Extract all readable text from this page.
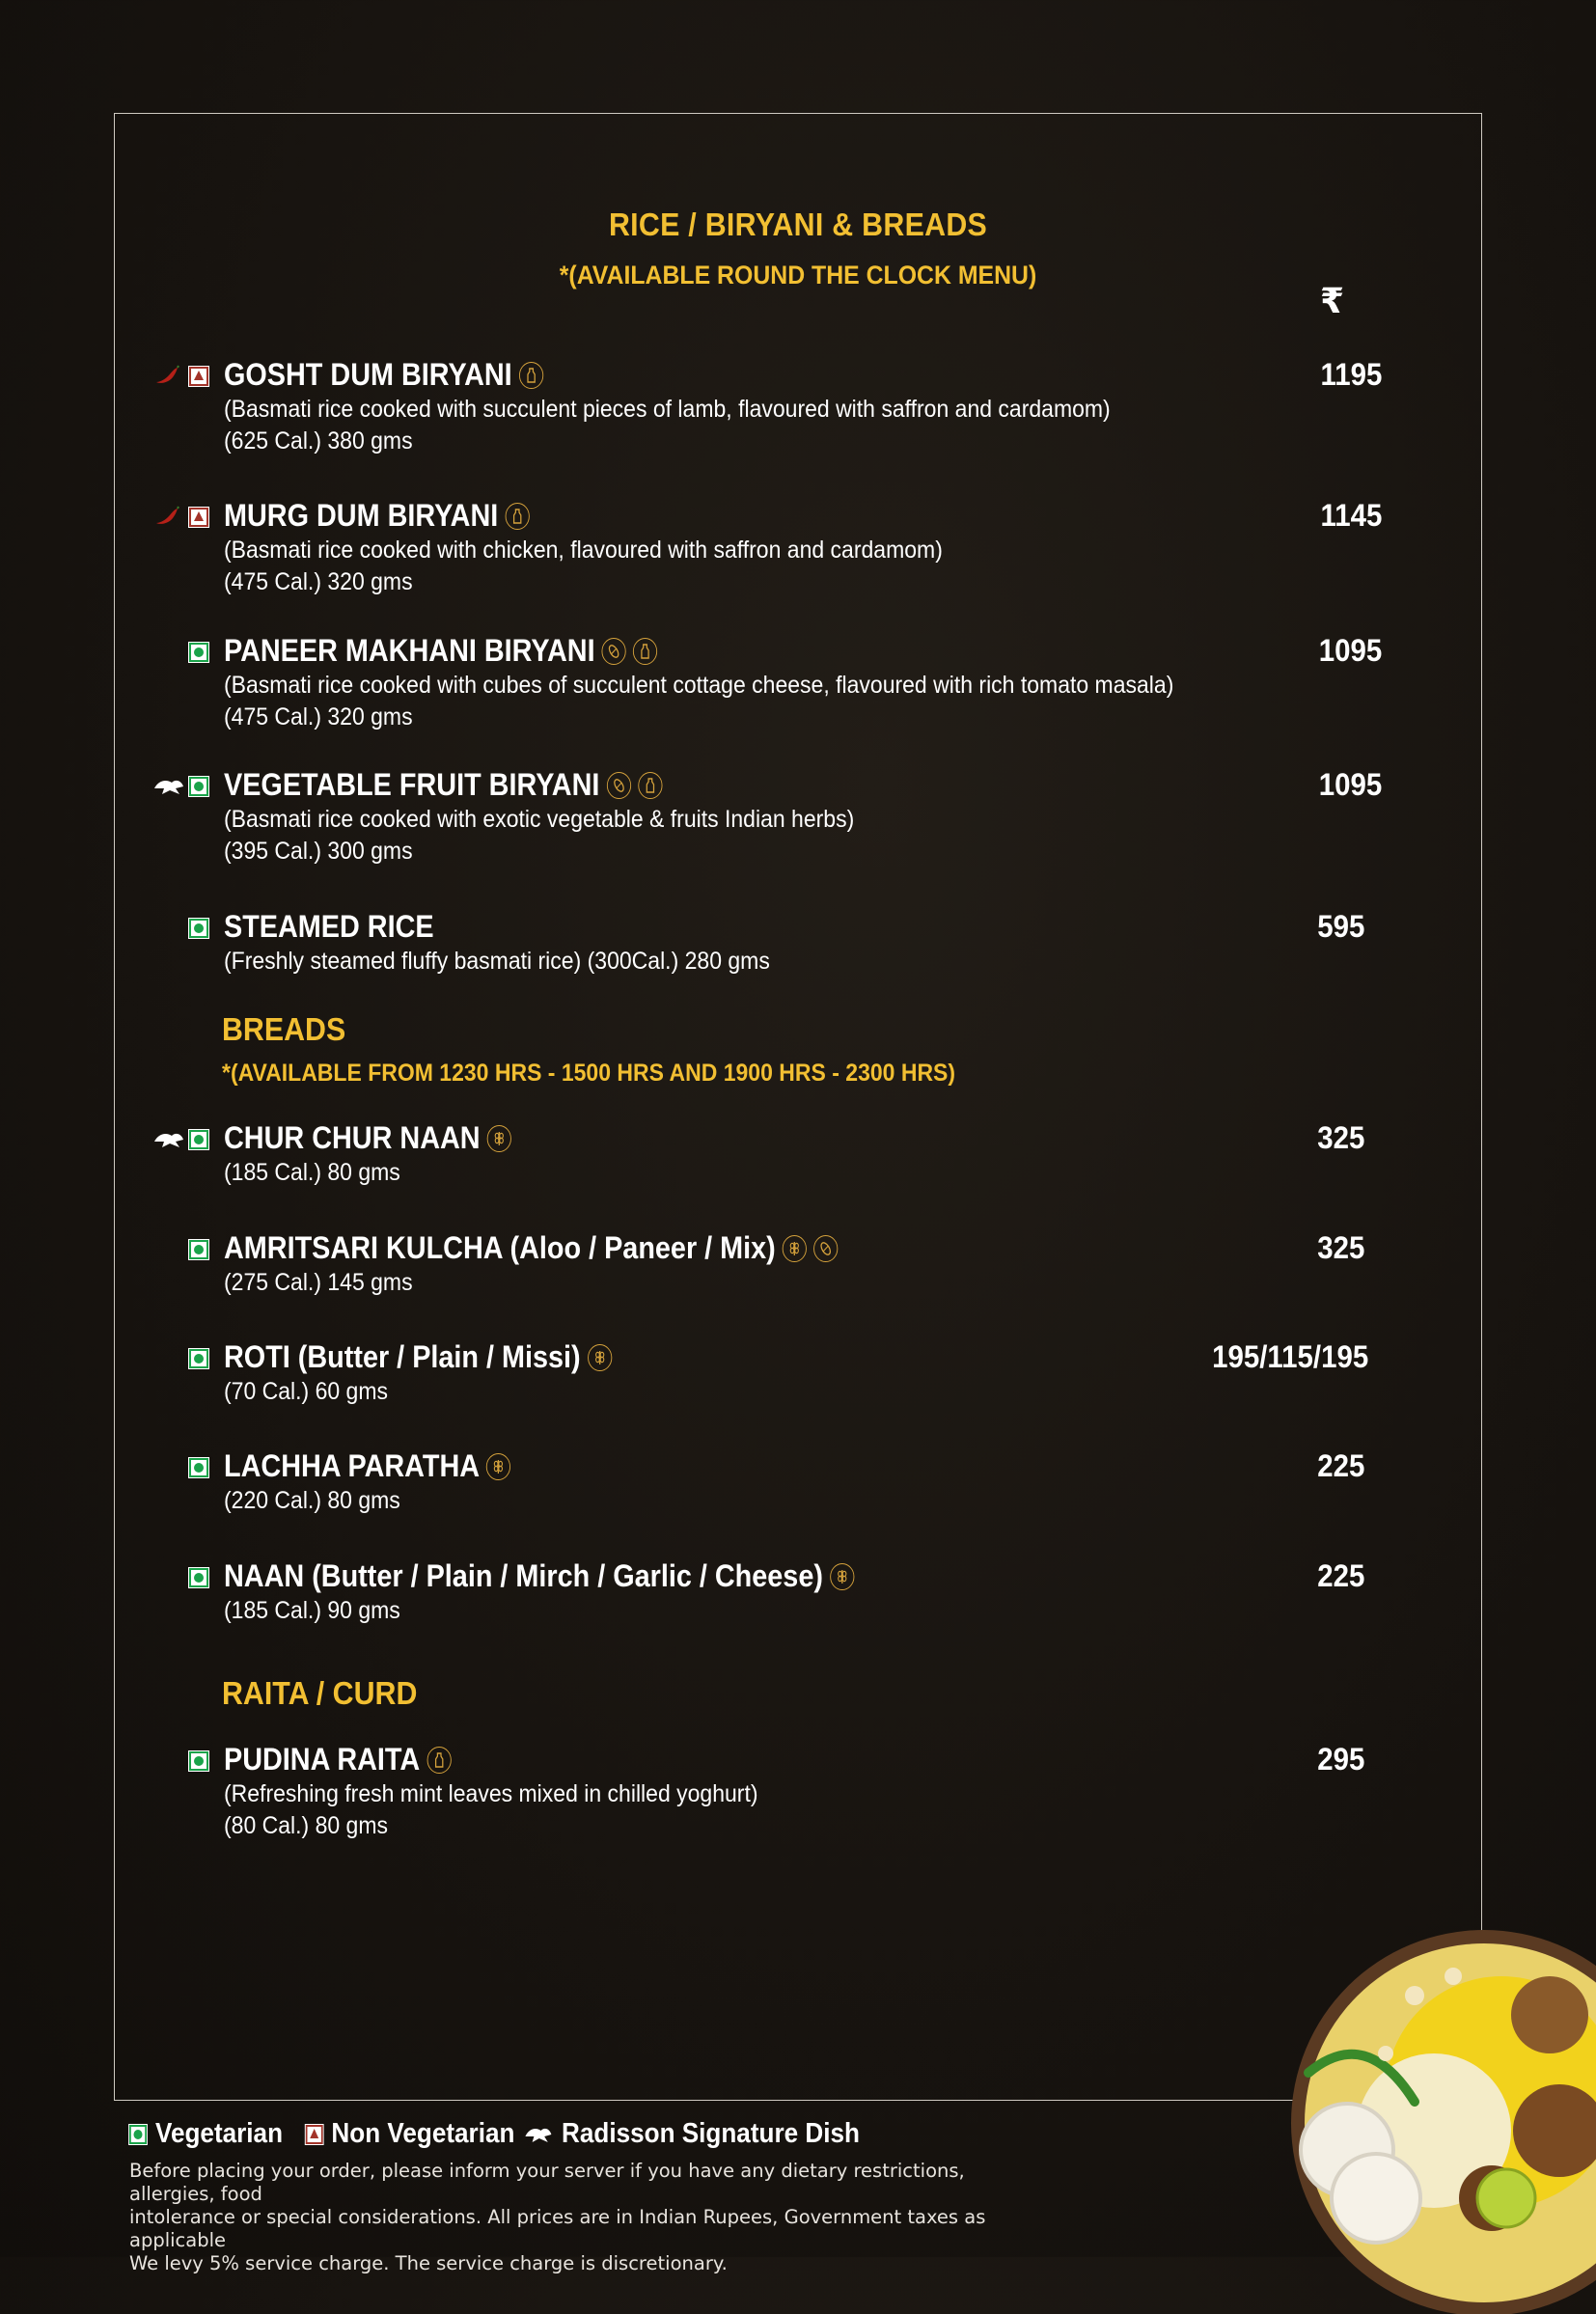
RICE / BIRYANI & BREADS
*(AVAILABLE ROUND THE CLOCK MENU)
₹
GOSHT DUM BIRYANI
(Basmati rice cooked with succulent pieces of lamb, flavoured with saffron and cardamom)
(625 Cal.) 380 gms
1195
MURG DUM BIRYANI
(Basmati rice cooked with chicken, flavoured with saffron and cardamom)
(475 Cal.) 320 gms
1145
PANEER MAKHANI BIRYANI
(Basmati rice cooked with cubes of succulent cottage cheese, flavoured with rich tomato masala)
(475 Cal.) 320 gms
1095
VEGETABLE FRUIT BIRYANI
(Basmati rice cooked with exotic vegetable & fruits Indian herbs)
(395 Cal.) 300 gms
1095
STEAMED RICE
(Freshly steamed fluffy basmati rice) (300Cal.) 280 gms
595
BREADS
*(AVAILABLE FROM 1230 HRS - 1500 HRS AND 1900 HRS - 2300 HRS)
CHUR CHUR NAAN
(185 Cal.) 80 gms
325
AMRITSARI KULCHA (Aloo / Paneer / Mix)
(275 Cal.) 145 gms
325
ROTI (Butter / Plain / Missi)
(70 Cal.) 60 gms
195/115/195
LACHHA PARATHA
(220 Cal.) 80 gms
225
NAAN (Butter / Plain / Mirch / Garlic / Cheese)
(185 Cal.) 90 gms
225
RAITA / CURD
PUDINA RAITA
(Refreshing fresh mint leaves mixed in chilled yoghurt)
(80 Cal.) 80 gms
295
Vegetarian Non Vegetarian Radisson Signature Dish
Before placing your order, please inform your server if you have any dietary restrictions, allergies, food
intolerance or special considerations. All prices are in Indian Rupees, Government taxes as applicable
We levy 5% service charge. The service charge is discretionary.
